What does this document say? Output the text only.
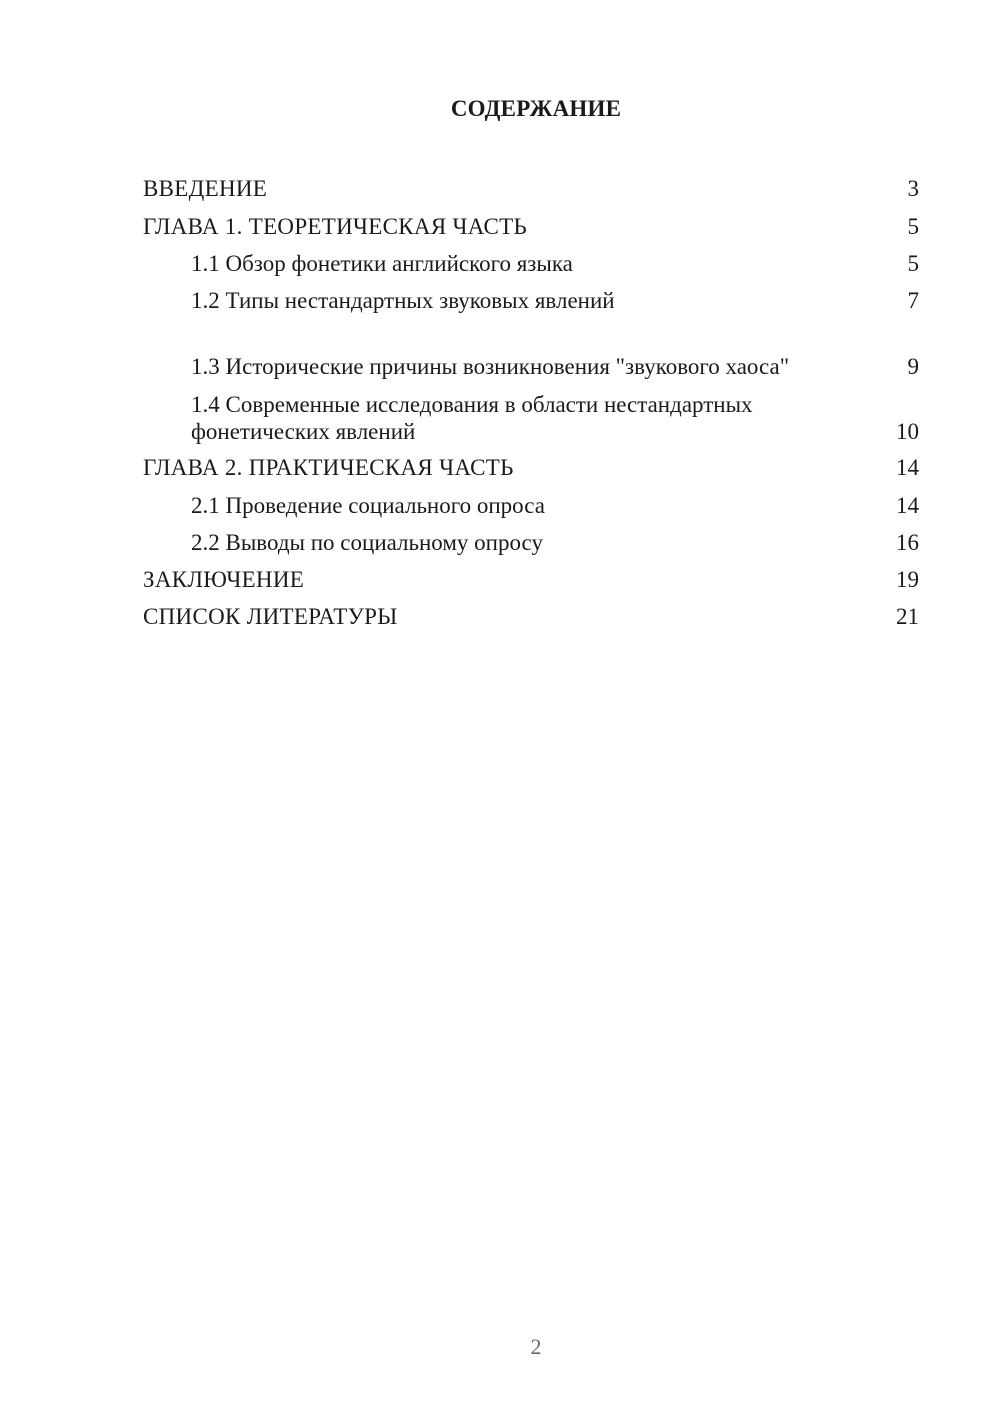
СОДЕРЖАНИЕ
ВВЕДЕНИЕ	3
ГЛАВА 1. ТЕОРЕТИЧЕСКАЯ ЧАСТЬ	5
1.1 Обзор фонетики английского языка	5
1.2 Типы нестандартных звуковых явлений	7
1.3 Исторические причины возникновения "звукового хаоса"	9
1.4 Современные исследования в области нестандартных фонетических явлений	10
ГЛАВА 2. ПРАКТИЧЕСКАЯ ЧАСТЬ	14
2.1 Проведение социального опроса	14
2.2 Выводы по социальному опросу	16
ЗАКЛЮЧЕНИЕ	19
СПИСОК ЛИТЕРАТУРЫ	21
2
